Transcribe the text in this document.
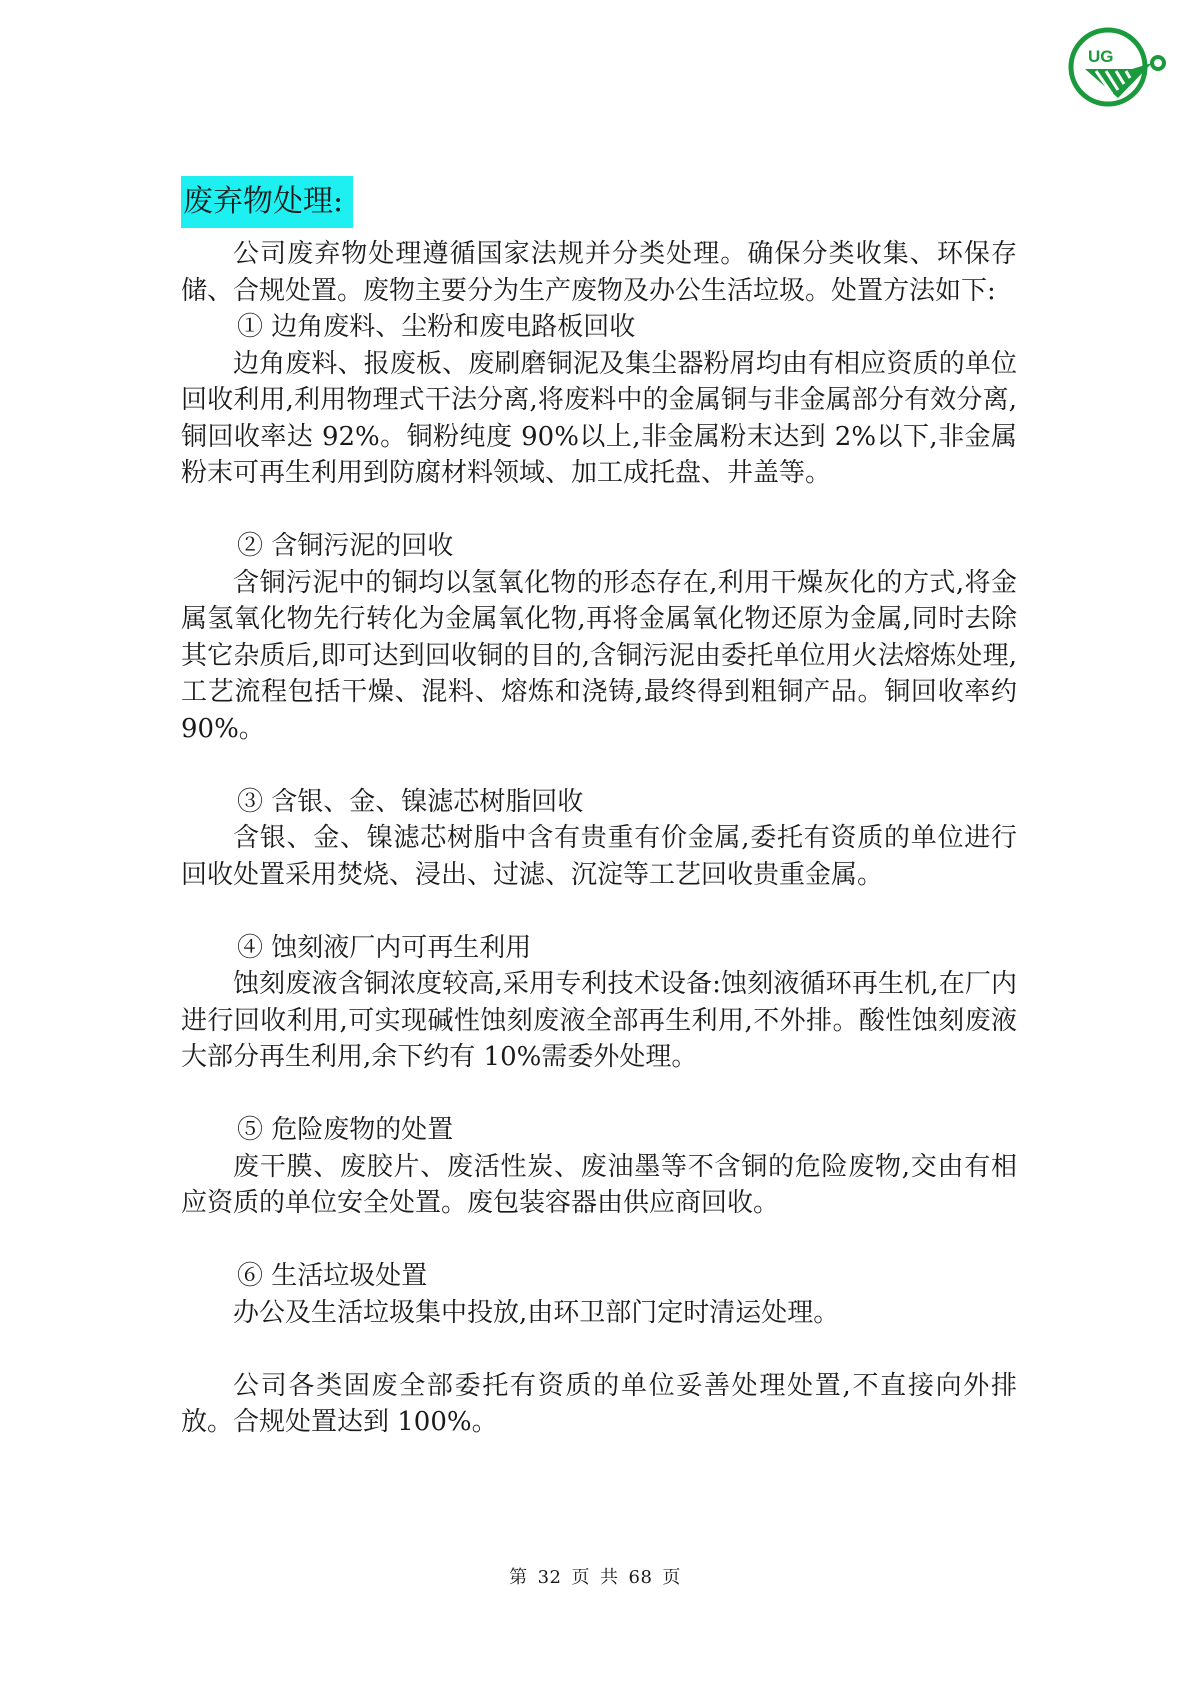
UG
废弃物处理:

公司废弃物处理遵循国家法规并分类处理。确保分类收集、环保存储、合规处置。废物主要分为生产废物及办公生活垃圾。处置方法如下:

① 边角废料、尘粉和废电路板回收

边角废料、报废板、废刷磨铜泥及集尘器粉屑均由有相应资质的单位回收利用,利用物理式干法分离,将废料中的金属铜与非金属部分有效分离,铜回收率达 92%。铜粉纯度 90%以上,非金属粉末达到 2%以下,非金属粉末可再生利用到防腐材料领域、加工成托盘、井盖等。

② 含铜污泥的回收

含铜污泥中的铜均以氢氧化物的形态存在,利用干燥灰化的方式,将金属氢氧化物先行转化为金属氧化物,再将金属氧化物还原为金属,同时去除其它杂质后,即可达到回收铜的目的,含铜污泥由委托单位用火法熔炼处理,工艺流程包括干燥、混料、熔炼和浇铸,最终得到粗铜产品。铜回收率约 90%。

③ 含银、金、镍滤芯树脂回收

含银、金、镍滤芯树脂中含有贵重有价金属,委托有资质的单位进行回收处置采用焚烧、浸出、过滤、沉淀等工艺回收贵重金属。

④ 蚀刻液厂内可再生利用

蚀刻废液含铜浓度较高,采用专利技术设备:蚀刻液循环再生机,在厂内进行回收利用,可实现碱性蚀刻废液全部再生利用,不外排。酸性蚀刻废液大部分再生利用,余下约有 10%需委外处理。

⑤ 危险废物的处置

废干膜、废胶片、废活性炭、废油墨等不含铜的危险废物,交由有相应资质的单位安全处置。废包装容器由供应商回收。

⑥ 生活垃圾处置

办公及生活垃圾集中投放,由环卫部门定时清运处理。

公司各类固废全部委托有资质的单位妥善处理处置,不直接向外排放。合规处置达到 100%。

第 32 页 共 68 页
